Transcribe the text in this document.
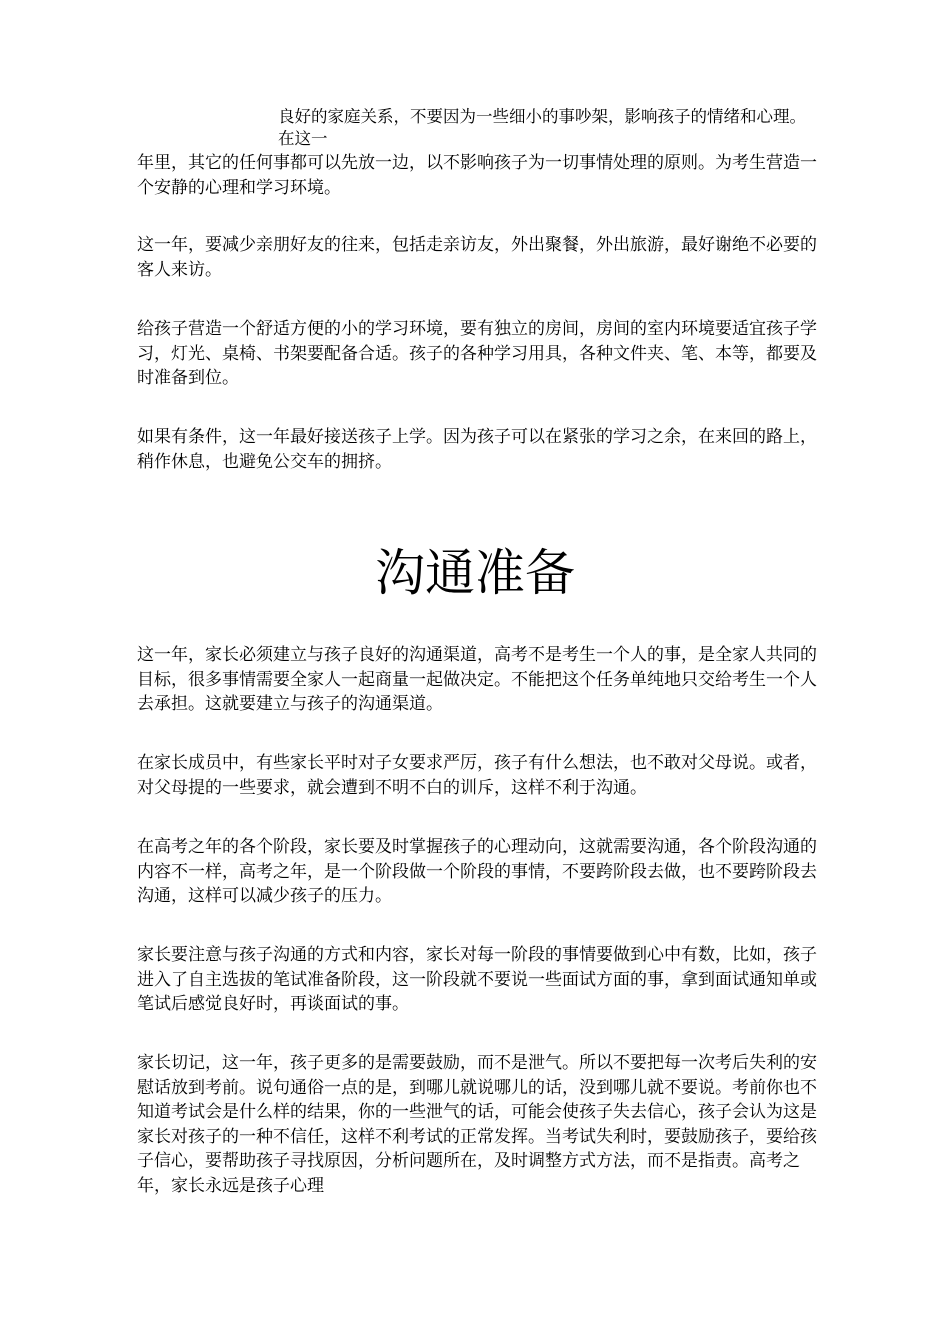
良好的家庭关系，不要因为一些细小的事吵架，影响孩子的情绪和心理。在这一

年里，其它的任何事都可以先放一边，以不影响孩子为一切事情处理的原则。为考生营造一个安静的心理和学习环境。

这一年，要减少亲朋好友的往来，包括走亲访友，外出聚餐，外出旅游，最好谢绝不必要的客人来访。

给孩子营造一个舒适方便的小的学习环境，要有独立的房间，房间的室内环境要适宜孩子学习，灯光、桌椅、书架要配备合适。孩子的各种学习用具，各种文件夹、笔、本等，都要及时准备到位。

如果有条件，这一年最好接送孩子上学。因为孩子可以在紧张的学习之余，在来回的路上，稍作休息，也避免公交车的拥挤。

沟通准备

这一年，家长必须建立与孩子良好的沟通渠道，高考不是考生一个人的事，是全家人共同的目标，很多事情需要全家人一起商量一起做决定。不能把这个任务单纯地只交给考生一个人去承担。这就要建立与孩子的沟通渠道。

在家长成员中，有些家长平时对子女要求严厉，孩子有什么想法，也不敢对父母说。或者，对父母提的一些要求，就会遭到不明不白的训斥，这样不利于沟通。

在高考之年的各个阶段，家长要及时掌握孩子的心理动向，这就需要沟通，各个阶段沟通的内容不一样，高考之年，是一个阶段做一个阶段的事情，不要跨阶段去做，也不要跨阶段去沟通，这样可以减少孩子的压力。

家长要注意与孩子沟通的方式和内容，家长对每一阶段的事情要做到心中有数，比如，孩子进入了自主选拔的笔试准备阶段，这一阶段就不要说一些面试方面的事，拿到面试通知单或笔试后感觉良好时，再谈面试的事。

家长切记，这一年，孩子更多的是需要鼓励，而不是泄气。所以不要把每一次考后失利的安慰话放到考前。说句通俗一点的是，到哪儿就说哪儿的话，没到哪儿就不要说。考前你也不知道考试会是什么样的结果，你的一些泄气的话，可能会使孩子失去信心，孩子会认为这是家长对孩子的一种不信任，这样不利考试的正常发挥。当考试失利时，要鼓励孩子，要给孩子信心，要帮助孩子寻找原因，分析问题所在，及时调整方式方法，而不是指责。高考之年，家长永远是孩子心理
